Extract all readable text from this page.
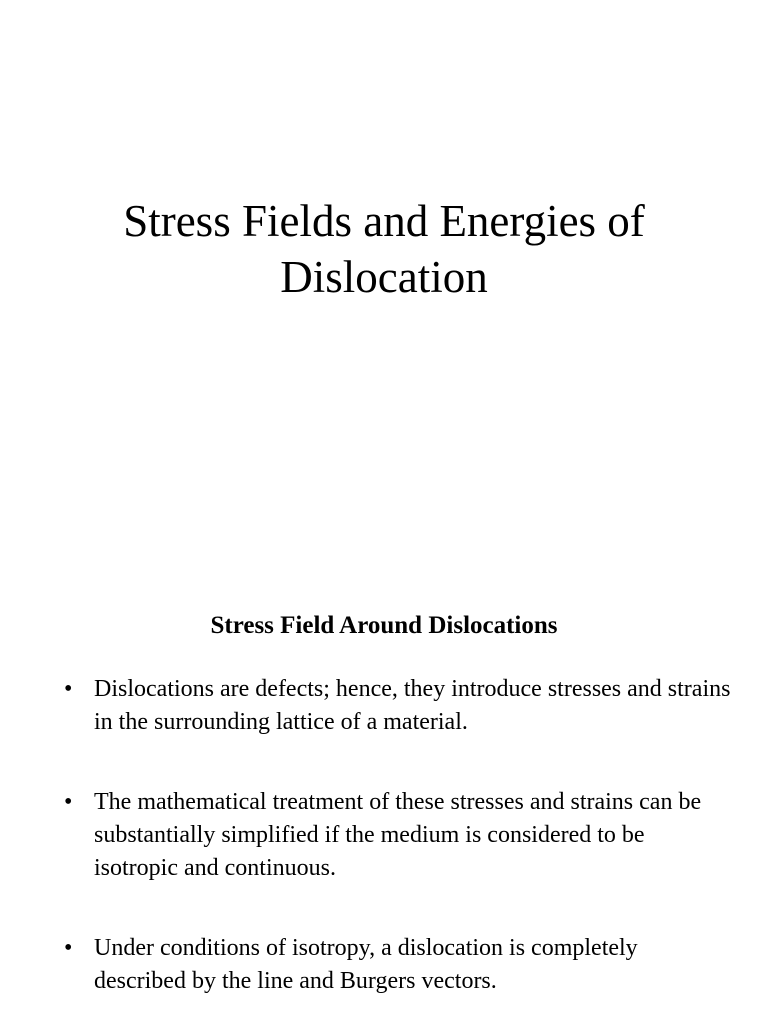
Stress Fields and Energies of Dislocation
Stress Field Around Dislocations
• Dislocations are defects; hence, they introduce stresses and strains in the surrounding lattice of a material.
• The mathematical treatment of these stresses and strains can be substantially simplified if the medium is considered to be isotropic and continuous.
• Under conditions of isotropy, a dislocation is completely described by the line and Burgers vectors.
